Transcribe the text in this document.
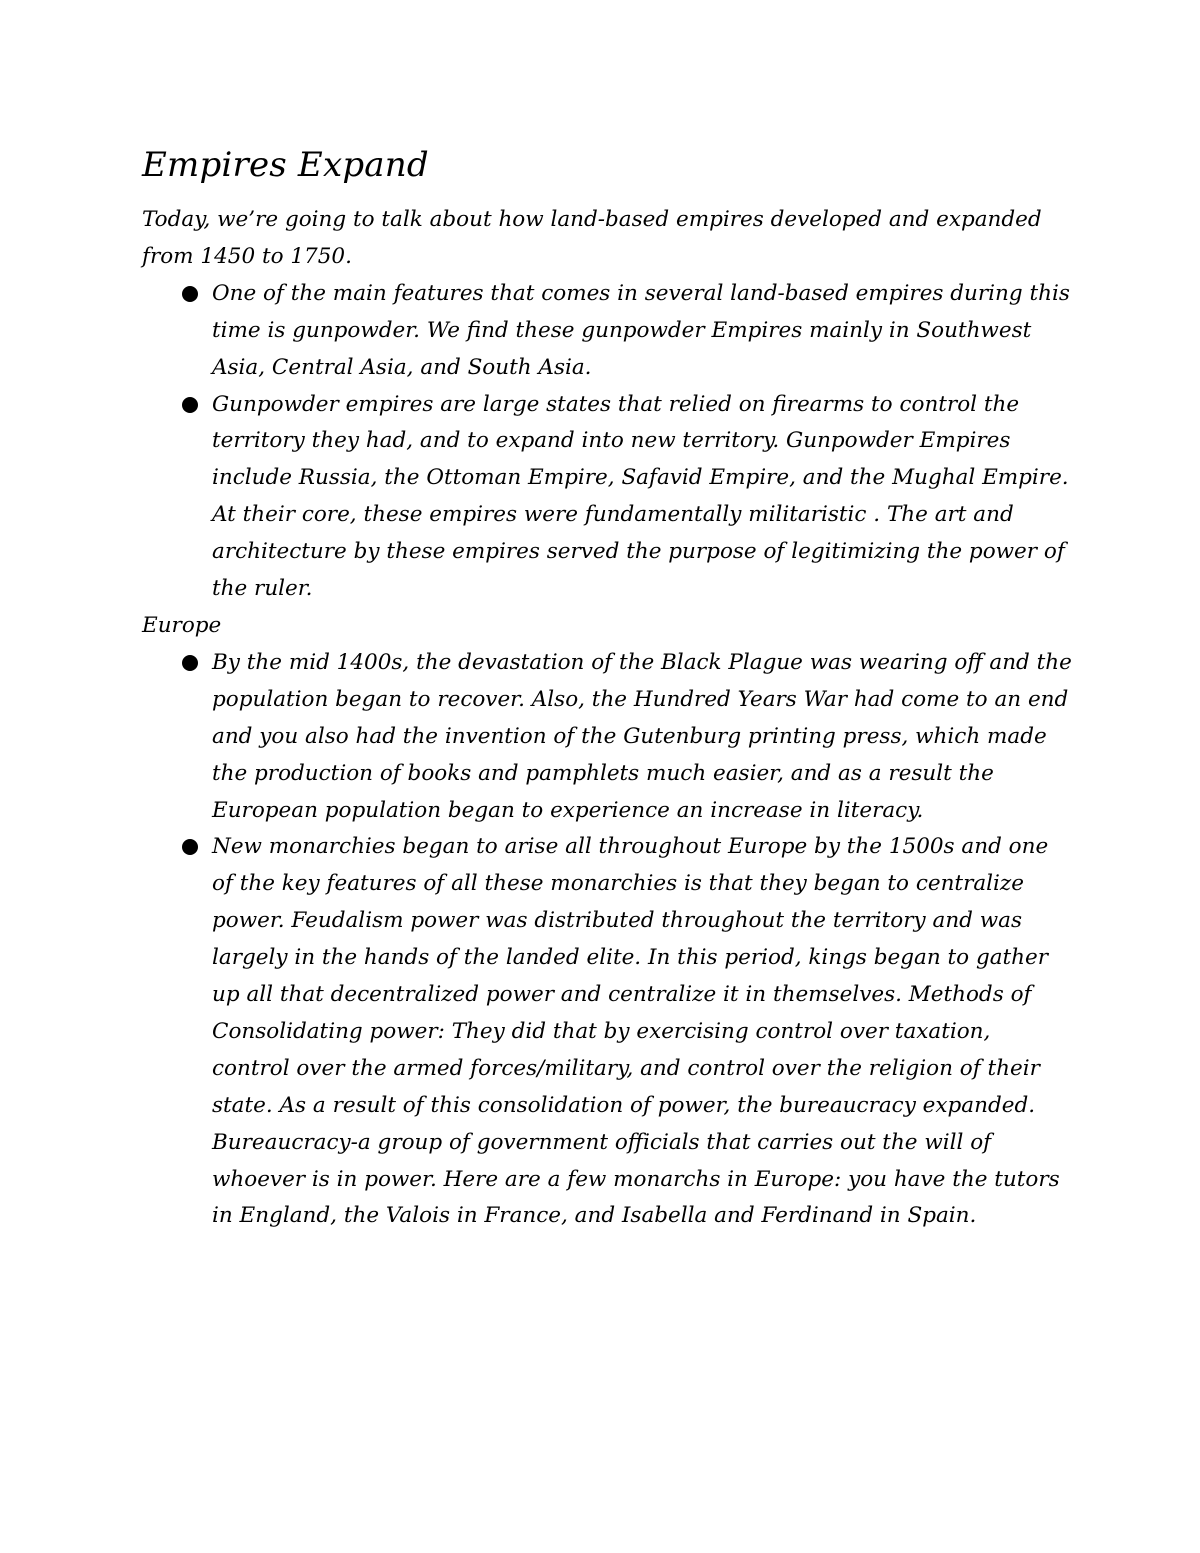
Empires Expand

Today, we’re going to talk about how land-based empires developed and expanded from 1450 to 1750.

One of the main features that comes in several land-based empires during this time is gunpowder. We find these gunpowder Empires mainly in Southwest Asia, Central Asia, and South Asia.
Gunpowder empires are large states that relied on firearms to control the territory they had, and to expand into new territory. Gunpowder Empires include Russia, the Ottoman Empire, Safavid Empire, and the Mughal Empire. At their core, these empires were fundamentally militaristic . The art and architecture by these empires served the purpose of legitimizing the power of the ruler.

Europe

By the mid 1400s, the devastation of the Black Plague was wearing off and the population began to recover. Also, the Hundred Years War had come to an end and you also had the invention of the Gutenburg printing press, which made the production of books and pamphlets much easier, and as a result the European population began to experience an increase in literacy.
New monarchies began to arise all throughout Europe by the 1500s and one of the key features of all these monarchies is that they began to centralize power. Feudalism power was distributed throughout the territory and was largely in the hands of the landed elite. In this period, kings began to gather up all that decentralized power and centralize it in themselves. Methods of Consolidating power: They did that by exercising control over taxation, control over the armed forces/military, and control over the religion of their state. As a result of this consolidation of power, the bureaucracy expanded. Bureaucracy-a group of government officials that carries out the will of whoever is in power. Here are a few monarchs in Europe: you have the tutors in England, the Valois in France, and Isabella and Ferdinand in Spain.
